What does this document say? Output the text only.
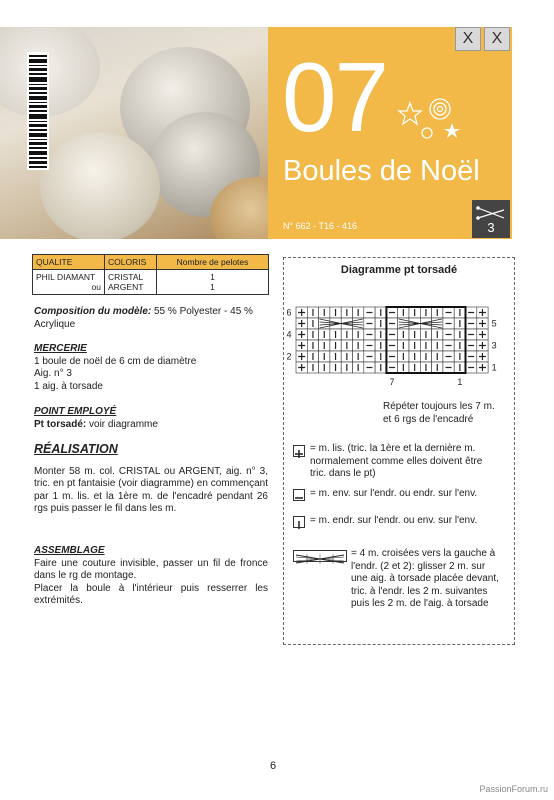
07
Boules de Noël
N° 662 - T16 - 416
X	X
3
QUALITE	COLORIS	Nombre de pelotes
PHIL DIAMANT	CRISTAL	1
ou	ARGENT	1
Composition du modèle: 55 % Polyester - 45 % Acrylique
MERCERIE
1 boule de noël de 6 cm de diamètre
Aig. n° 3
1 aig. à torsade
POINT EMPLOYÉ
Pt torsadé: voir diagramme
RÉALISATION
Monter 58 m. col. CRISTAL ou ARGENT, aig. n° 3, tric. en pt fantaisie (voir diagramme) en commençant par 1 m. lis. et la 1ère m. de l'encadré pendant 26 rgs puis passer le fil dans les m.
ASSEMBLAGE
Faire une couture invisible, passer un fil de fronce dans le rg de montage.
Placer la boule à l'intérieur puis resserrer les extrémités.
Diagramme pt torsadé
6
4
2
5
3
1
7	1
Répéter toujours les 7 m.
et 6 rgs de l'encadré
= m. lis. (tric. la 1ère et la dernière m.
normalement comme elles doivent être
tric. dans le pt)
= m. env. sur l'endr. ou endr. sur l'env.
= m. endr. sur l'endr. ou env. sur l'env.
= 4 m. croisées vers la gauche à
l'endr. (2 et 2): glisser 2 m. sur
une aig. à torsade placée devant,
tric. à l'endr. les 2 m. suivantes
puis les 2 m. de l'aig. à torsade
6
PassionForum.ru
